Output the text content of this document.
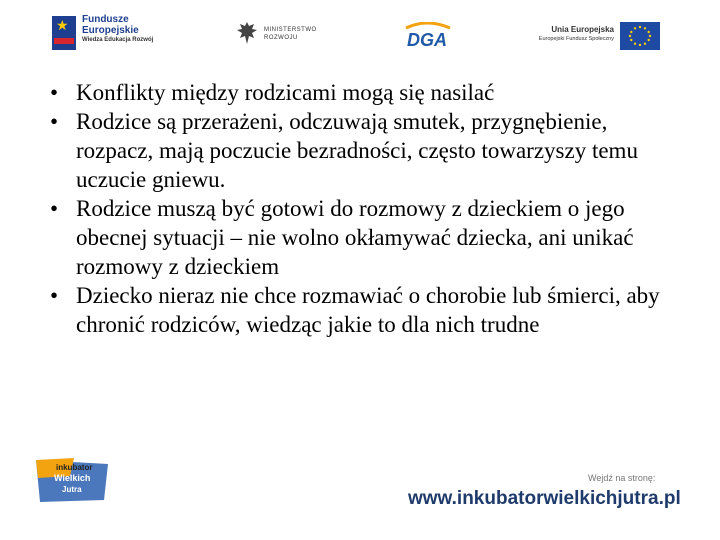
★ Fundusze
Europejskie
Wiedza Edukacja Rozwój
MINISTERSTWO
ROZWOJU	DGA
Unia Europejska
Europejski Fundusz Społeczny
• Konflikty między rodzicami mogą się nasilać
• Rodzice są przerażeni, odczuwają smutek, przygnębienie, rozpacz, mają poczucie bezradności, często towarzyszy temu uczucie gniewu.
• Rodzice muszą być gotowi do rozmowy z dzieckiem o jego obecnej sytuacji – nie wolno okłamywać dziecka, ani unikać rozmowy z dzieckiem
• Dziecko nieraz nie chce rozmawiać o chorobie lub śmierci, aby chronić rodziców, wiedząc jakie to dla nich trudne
inkubator
Wielkich
Jutra
Wejdź na stronę:
www.inkubatorwielkichjutra.pl
